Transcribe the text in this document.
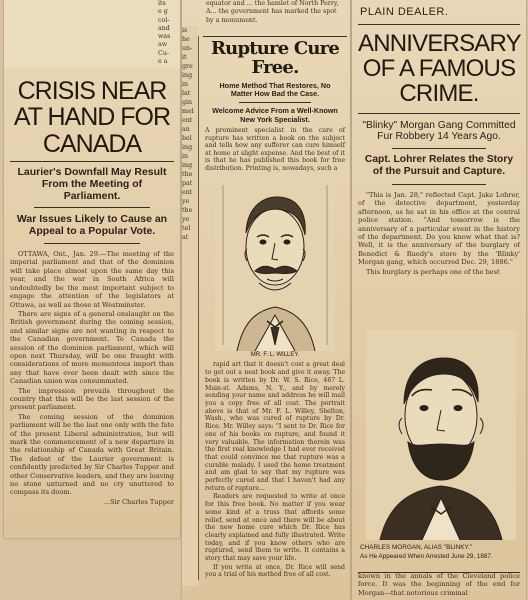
its
e g
col-
and
was
aw
Cu-
e a
CRISIS NEAR AT HAND FOR CANADA
Laurier's Downfall May Result From the Meeting of Parliament.
War Issues Likely to Cause an Appeal to a Popular Vote.

OTTAWA, Ont., Jan. 29.—The meeting of the imperial parliament and that of the dominion will take place almost upon the same day this year, and the war in South Africa will undoubtedly be the most important subject to engage the attention of the legislators at Ottawa, as well as those at Westminster.

There are signs of a general onslaught on the British government during the coming session, and similar signs are not wanting in respect to the Canadian government. To Canada the session of the dominion parliament, which will open next Thursday, will be one fraught with considerations of more momentous import than any that have ever been dealt with since the Canadian union was consummated.

The impression prevails throughout the country that this will be the last session of the present parliament.

The coming session of the dominion parliament will be the last one only with the fate of the present Liberal administration, but will mark the commencement of a new departure in the relationship of Canada with Great Britain. The defeat of the Laurier government is confidently predicted by Sir Charles Tupper and other Conservative leaders, and they are leaving no stone unturned and no cry unuttered to compass its doom.

...Sir Charles Tupper

equator and ... the hamlet of North Perry, A... the government has marked the spot by a monument.
is
he
un-
it
gre
ing
in
lat
gin
mel
ent
an
bel
ing
in
ing
the
pat
ent
ye
the
ye
tel
at
Rupture Cure Free.
Home Method That Restores, No Matter How Bad the Case.
Welcome Advice From a Well-Known New York Specialist.
A prominent specialist in the cure of rupture has written a book on the subject and tells how any sufferer can cure himself at home at slight expense. And the best of it is that he has published this book for free distribution. Printing is, nowadays, such a
MR. F. L. WILLEY.

rapid art that it doesn't cost a great deal to get out a neat book and give it away. The book is written by Dr. W. S. Rice, 467 L. Main-st. Adams, N. Y., and by merely sending your name and address he will mail you a copy free of all cost. The portrait above is that of Mr. F. L. Willey, Shelton, Wash., who was cured of rupture by Dr. Rice. Mr. Willey says: "I sent to Dr. Rice for one of his books on rupture, and found it very valuable. The information therein was the first real knowledge I had ever received that could convince me that rupture was a curable malady. I used the home treatment and am glad to say that my rupture was perfectly cured and that I haven't had any return of rupture...

Readers are requested to write at once for this free book. No matter if you wear some kind of a truss that affords some relief, send at once and there will be about the new home cure which Dr. Rice has clearly explained and fully illustrated. Write today, and if you know others who are ruptured, send them to write. It contains a story that may save your life.

If you write at once, Dr. Rice will send you a trial of his method free of all cost.

PLAIN DEALER.
ANNIVERSARY OF A FAMOUS CRIME.
"Blinky" Morgan Gang Committed Fur Robbery 14 Years Ago.
Capt. Lohrer Relates the Story of the Pursuit and Capture.

"This is Jan. 28," reflected Capt. Jake Lohrer, of the detective department, yesterday afternoon, as he sat in his office at the central police station. "And tomorrow is the anniversary of a particular event in the history of the department. Do you know what that is? Well, it is the anniversary of the burglary of Benedict & Ruedy's store by the 'Blinky' Morgan gang, which occurred Dec. 29, 1886."

This burglary is perhaps one of the best

CHARLES MORGAN, ALIAS "BLINKY."
As He Appeared When Arrested June 29, 1887.
known in the annals of the Cleveland police force. It was the beginning of the end for Morgan—that notorious criminal
